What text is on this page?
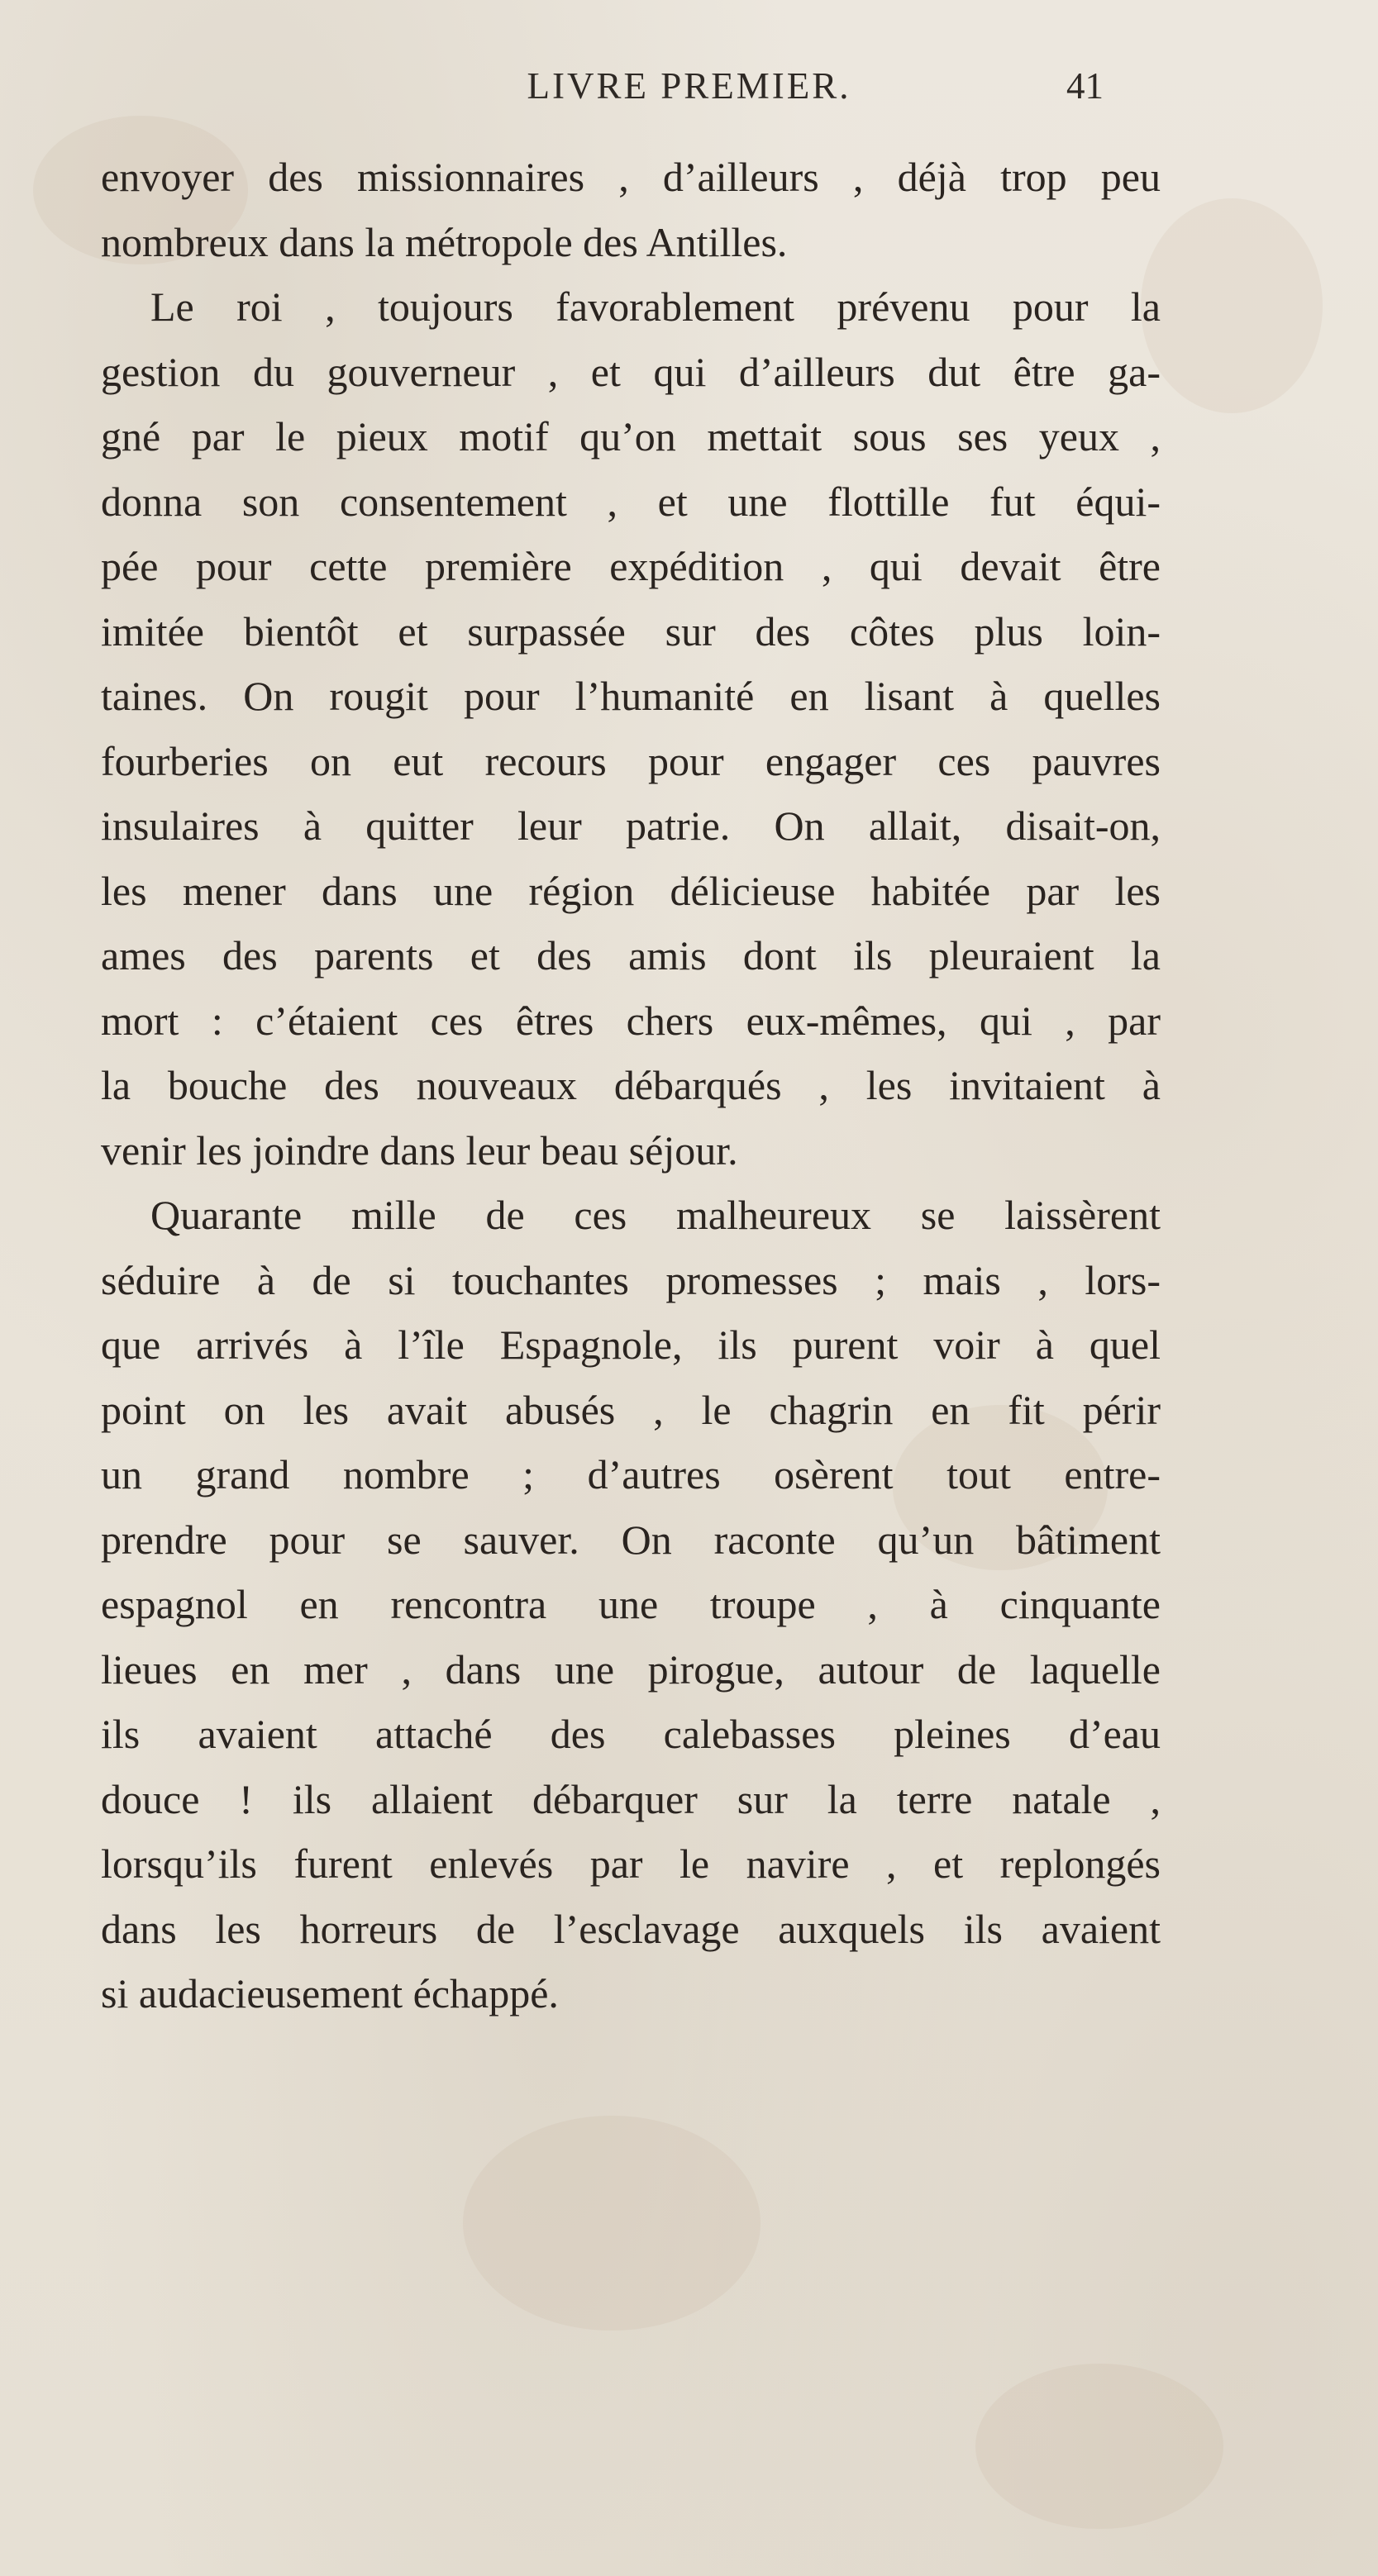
LIVRE PREMIER.	41

envoyer des missionnaires , d’ailleurs , déjà trop peu
nombreux dans la métropole des Antilles.

Le roi , toujours favorablement prévenu pour la
gestion du gouverneur , et qui d’ailleurs dut être ga-
gné par le pieux motif qu’on mettait sous ses yeux ,
donna son consentement , et une flottille fut équi-
pée pour cette première expédition , qui devait être
imitée bientôt et surpassée sur des côtes plus loin-
taines. On rougit pour l’humanité en lisant à quelles
fourberies on eut recours pour engager ces pauvres
insulaires à quitter leur patrie. On allait, disait-on,
les mener dans une région délicieuse habitée par les
ames des parents et des amis dont ils pleuraient la
mort : c’étaient ces êtres chers eux-mêmes, qui , par
la bouche des nouveaux débarqués , les invitaient à
venir les joindre dans leur beau séjour.

Quarante mille de ces malheureux se laissèrent
séduire à de si touchantes promesses ; mais , lors-
que arrivés à l’île Espagnole, ils purent voir à quel
point on les avait abusés , le chagrin en fit périr
un grand nombre ; d’autres osèrent tout entre-
prendre pour se sauver. On raconte qu’un bâtiment
espagnol en rencontra une troupe , à cinquante
lieues en mer , dans une pirogue, autour de laquelle
ils avaient attaché des calebasses pleines d’eau
douce ! ils allaient débarquer sur la terre natale ,
lorsqu’ils furent enlevés par le navire , et replongés
dans les horreurs de l’esclavage auxquels ils avaient
si audacieusement échappé.
